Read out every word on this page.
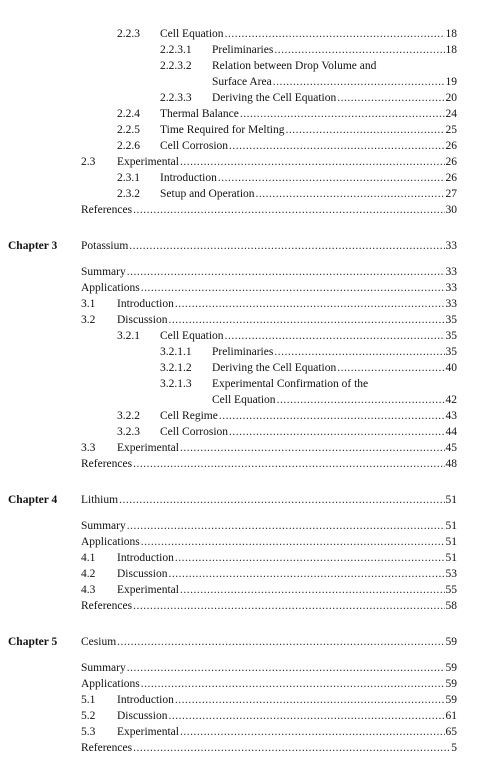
2.2.3 Cell Equation .....	18
2.2.3.1 Preliminaries .....	18
2.2.3.2 Relation between Drop Volume and
Surface Area .....	19
2.2.3.3 Deriving the Cell Equation .....	20
2.2.4 Thermal Balance .....	24
2.2.5 Time Required for Melting .....	25
2.2.6 Cell Corrosion .....	26
2.3 Experimental .....	26
2.3.1 Introduction .....	26
2.3.2 Setup and Operation .....	27
References .....	30
Chapter 3 Potassium .....	33
Summary .....	33
Applications .....	33
3.1 Introduction .....	33
3.2 Discussion .....	35
3.2.1 Cell Equation .....	35
3.2.1.1 Preliminaries .....	35
3.2.1.2 Deriving the Cell Equation .....	40
3.2.1.3 Experimental Confirmation of the
Cell Equation .....	42
3.2.2 Cell Regime .....	43
3.2.3 Cell Corrosion .....	44
3.3 Experimental .....	45
References .....	48
Chapter 4 Lithium .....	51
Summary .....	51
Applications .....	51
4.1 Introduction .....	51
4.2 Discussion .....	53
4.3 Experimental .....	55
References .....	58
Chapter 5 Cesium .....	59
Summary .....	59
Applications .....	59
5.1 Introduction .....	59
5.2 Discussion .....	61
5.3 Experimental .....	65
References .....	5
